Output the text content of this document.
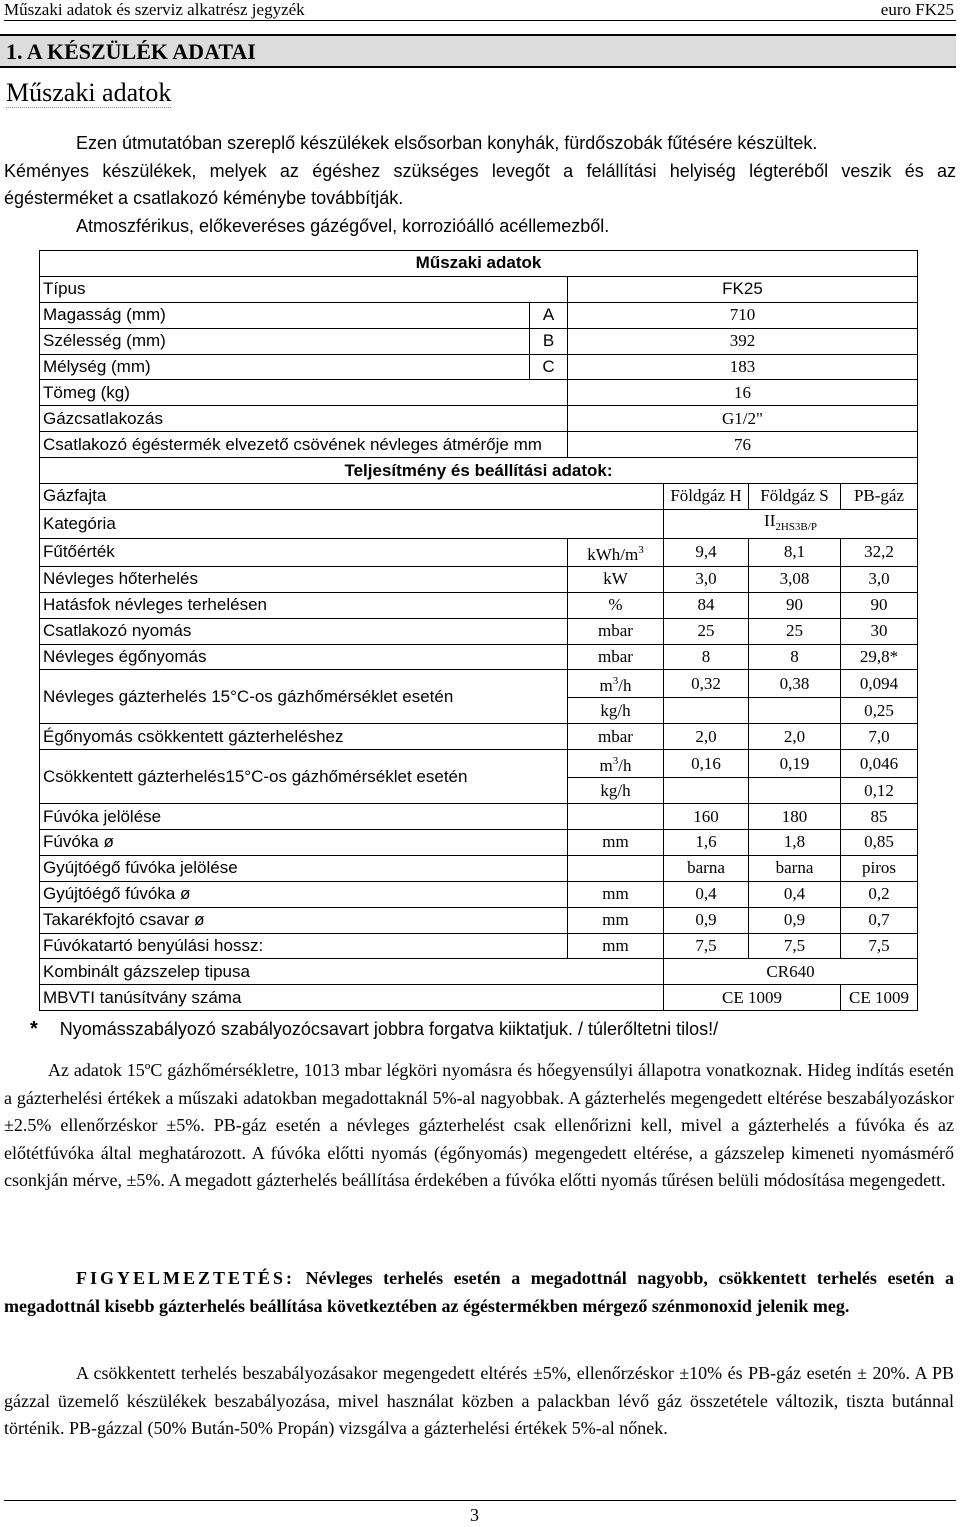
Műszaki adatok és szerviz alkatrész jegyzék	euro FK25
1. A KÉSZÜLÉK ADATAI
Műszaki adatok

Ezen útmutatóban szereplő készülékek elsősorban konyhák, fürdőszobák fűtésére készültek.

Kéményes készülékek, melyek az égéshez szükséges levegőt a felállítási helyiség légteréből veszik és az égésterméket a csatlakozó kéménybe továbbítják.

Atmoszférikus, előkeveréses gázégővel, korrozióálló acéllemezből.

Műszaki adatok					
Típus		FK25			
Magasság (mm)	A	710			
Szélesség (mm)	B	392			
Mélység (mm)	C	183			
Tömeg (kg)		16			
Gázcsatlakozás		G1/2"			
Csatlakozó égéstermék elvezető csövének névleges átmérője mm		76			
Teljesítmény és beállítási adatok:					
Gázfajta			Földgáz H	Földgáz S	PB-gáz
Kategória			$II_{2HS3B/P}$
Fűtőérték		kWh/$m^3$	9,4	8,1	32,2
Névleges hőterhelés		kW	3,0	3,08	3,0
Hatásfok névleges terhelésen		%	84	90	90
Csatlakozó nyomás		mbar	25	25	30
Névleges égőnyomás		mbar	8	8	29,8*
Névleges gázterhelés 15°C-os gázhőmérséklet esetén		$m^3/h$	0,32	0,38	0,094
		kg/h			0,25
Égőnyomás csökkentett gázterheléshez		mbar	2,0	2,0	7,0
Csökkentett gázterhelés15°C-os gázhőmérséklet esetén		$m^3/h$	0,16	0,19	0,046
		kg/h			0,12
Fúvóka jelölése			160	180	85
Fúvóka ø		mm	1,6	1,8	0,85
Gyújtóégő fúvóka jelölése			barna	barna	piros
Gyújtóégő fúvóka ø		mm	0,4	0,4	0,2
Takarékfojtó csavar ø		mm	0,9	0,9	0,7
Fúvókatartó benyúlási hossz:		mm	7,5	7,5	7,5
Kombinált gázszelep tipusa			CR640		
MBVTI tanúsítvány száma			CE 1009		CE 1009
* Nyomásszabályozó szabályozócsavart jobbra forgatva kiiktatjuk. / túlerőltetni tilos!/

Az adatok 15ºC gázhőmérsékletre, 1013 mbar légköri nyomásra és hőegyensúlyi állapotra vonatkoznak. Hideg indítás esetén a gázterhelési értékek a műszaki adatokban megadottaknál 5%-al nagyobbak. A gázterhelés megengedett eltérése beszabályozáskor ±2.5% ellenőrzéskor ±5%. PB-gáz esetén a névleges gázterhelést csak ellenőrizni kell, mivel a gázterhelés a fúvóka és az előtétfúvóka által meghatározott. A fúvóka előtti nyomás (égőnyomás) megengedett eltérése, a gázszelep kimeneti nyomásmérő csonkján mérve, ±5%. A megadott gázterhelés beállítása érdekében a fúvóka előtti nyomás tűrésen belüli módosítása megengedett.

FIGYELMEZTETÉS: Névleges terhelés esetén a megadottnál nagyobb, csökkentett terhelés esetén a megadottnál kisebb gázterhelés beállítása következtében az égéstermékben mérgező szénmonoxid jelenik meg.

A csökkentett terhelés beszabályozásakor megengedett eltérés ±5%, ellenőrzéskor ±10% és PB-gáz esetén ± 20%. A PB gázzal üzemelő készülékek beszabályozása, mivel használat közben a palackban lévő gáz összetétele változik, tiszta butánnal történik. PB-gázzal (50% Bután-50% Propán) vizsgálva a gázterhelési értékek 5%-al nőnek.

3
